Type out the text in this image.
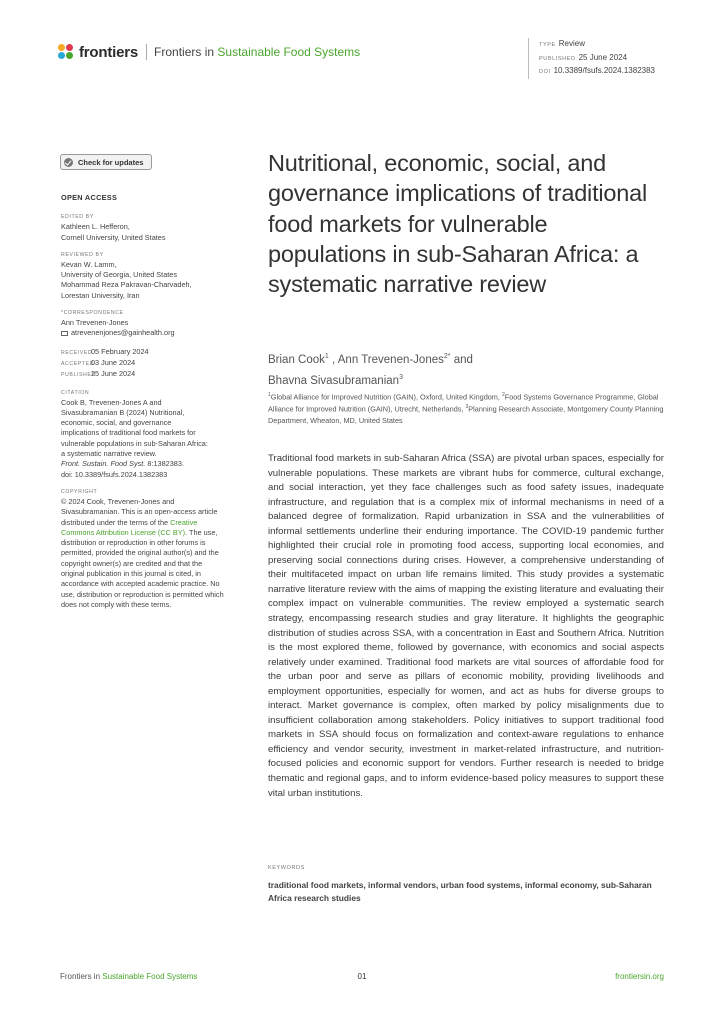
frontiers Frontiers in Sustainable Food Systems	TYPE Review
PUBLISHED 25 June 2024
DOI 10.3389/fsufs.2024.1382383
Check for updates
OPEN ACCESS
EDITED BY
Kathleen L. Hefferon,
Cornell University, United States
REVIEWED BY
Kevan W. Lamm,
University of Georgia, United States
Mohammad Reza Pakravan-Charvadeh,
Lorestan University, Iran
*CORRESPONDENCE
Ann Trevenen-Jones
atrevenenjones@gainhealth.org
RECEIVED05 February 2024
ACCEPTED03 June 2024
PUBLISHED25 June 2024
CITATION
Cook B, Trevenen-Jones A and
Sivasubramanian B (2024) Nutritional,
economic, social, and governance
implications of traditional food markets for
vulnerable populations in sub-Saharan Africa:
a systematic narrative review.
Front. Sustain. Food Syst. 8:1382383.
doi: 10.3389/fsufs.2024.1382383
COPYRIGHT
© 2024 Cook, Trevenen-Jones and Sivasubramanian. This is an open-access article distributed under the terms of the Creative Commons Attribution License (CC BY). The use, distribution or reproduction in other forums is permitted, provided the original author(s) and the copyright owner(s) are credited and that the original publication in this journal is cited, in accordance with accepted academic practice. No use, distribution or reproduction is permitted which does not comply with these terms.
Nutritional, economic, social, and governance implications of traditional food markets for vulnerable populations in sub-Saharan Africa: a systematic narrative review
Brian Cook$^1$ , Ann Trevenen-Jones$^{2*}$ and
Bhavna Sivasubramanian$^3$
$^1$Global Alliance for Improved Nutrition (GAIN), Oxford, United Kingdom, $^2$Food Systems Governance Programme, Global Alliance for Improved Nutrition (GAIN), Utrecht, Netherlands, $^3$Planning Research Associate, Montgomery County Planning Department, Wheaton, MD, United States

Traditional food markets in sub-Saharan Africa (SSA) are pivotal urban spaces, especially for vulnerable populations. These markets are vibrant hubs for commerce, cultural exchange, and social interaction, yet they face challenges such as food safety issues, inadequate infrastructure, and regulation that is a complex mix of informal mechanisms in need of a balanced degree of formalization. Rapid urbanization in SSA and the vulnerabilities of informal settlements underline their enduring importance. The COVID-19 pandemic further highlighted their crucial role in promoting food access, supporting local economies, and preserving social connections during crises. However, a comprehensive understanding of their multifaceted impact on urban life remains limited. This study provides a systematic narrative literature review with the aims of mapping the existing literature and evaluating their complex impact on vulnerable communities. The review employed a systematic search strategy, encompassing research studies and gray literature. It highlights the geographic distribution of studies across SSA, with a concentration in East and Southern Africa. Nutrition is the most explored theme, followed by governance, with economics and social aspects relatively under examined. Traditional food markets are vital sources of affordable food for the urban poor and serve as pillars of economic mobility, providing livelihoods and employment opportunities, especially for women, and act as hubs for diverse groups to interact. Market governance is complex, often marked by policy misalignments due to insufficient collaboration among stakeholders. Policy initiatives to support traditional food markets in SSA should focus on formalization and context-aware regulations to enhance efficiency and vendor security, investment in market-related infrastructure, and nutrition-focused policies and economic support for vendors. Further research is needed to bridge thematic and regional gaps, and to inform evidence-based policy measures to support these vital urban institutions.

KEYWORDS
traditional food markets, informal vendors, urban food systems, informal economy, sub-Saharan Africa research studies
Frontiers in Sustainable Food Systems	01	frontiersin.org
